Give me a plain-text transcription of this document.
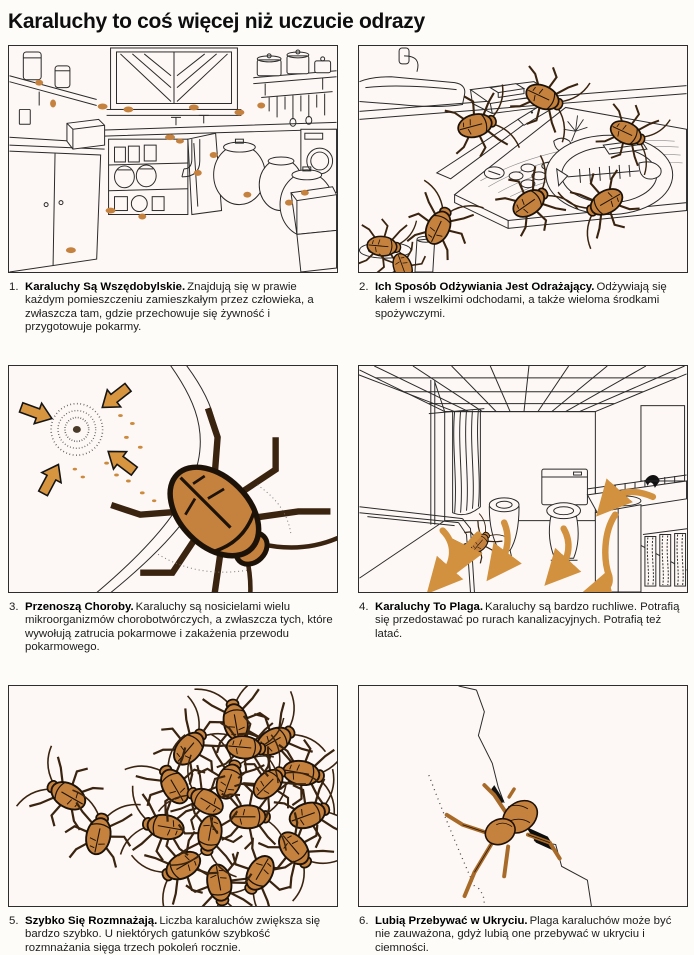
Karaluchy to coś więcej niż uczucie odrazy
1. Karaluchy Są Wszędobylskie. Znajdują się w prawie każdym pomieszczeniu zamieszkałym przez człowieka, a zwłaszcza tam, gdzie przechowuje się żywność i przygotowuje pokarmy.

2. Ich Sposób Odżywiania Jest Odrażający. Odżywiają się kałem i wszelkimi odchodami, a także wieloma środkami spożywczymi.

3. Przenoszą Choroby. Karaluchy są nosicielami wielu mikroorganizmów chorobotwórczych, a zwłaszcza tych, które wywołują zatrucia pokarmowe i zakażenia przewodu pokarmowego.

4. Karaluchy To Plaga. Karaluchy są bardzo ruchliwe. Potrafią się przedostawać po rurach kanalizacyjnych. Potrafią też latać.

5. Szybko Się Rozmnażają. Liczba karaluchów zwiększa się bardzo szybko. U niektórych gatunków szybkość rozmnażania sięga trzech pokoleń rocznie.

6. Lubią Przebywać w Ukryciu. Plaga karaluchów może być nie zauważona, gdyż lubią one przebywać w ukryciu i ciemności.
